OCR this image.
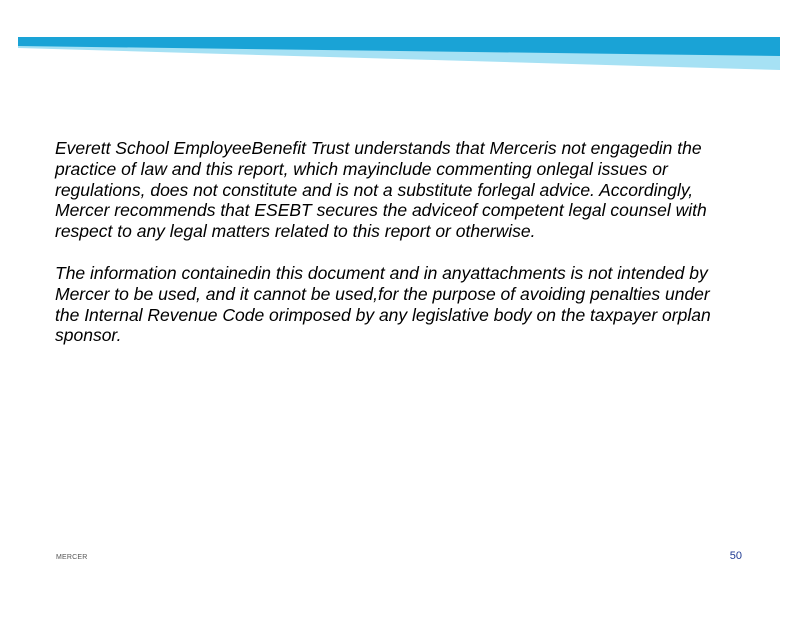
Everett School EmployeeBenefit Trust understands that Merceris not engagedin the practice of law and this report, which mayinclude commenting onlegal issues or regulations, does not constitute and is not a substitute forlegal advice. Accordingly, Mercer recommends that ESEBT secures the adviceof competent legal counsel with respect to any legal matters related to this report or otherwise.

The information containedin this document and in anyattachments is not intended by Mercer to be used, and it cannot be used,for the purpose of avoiding penalties under the Internal Revenue Code orimposed by any legislative body on the taxpayer orplan sponsor.

MERCER	50
